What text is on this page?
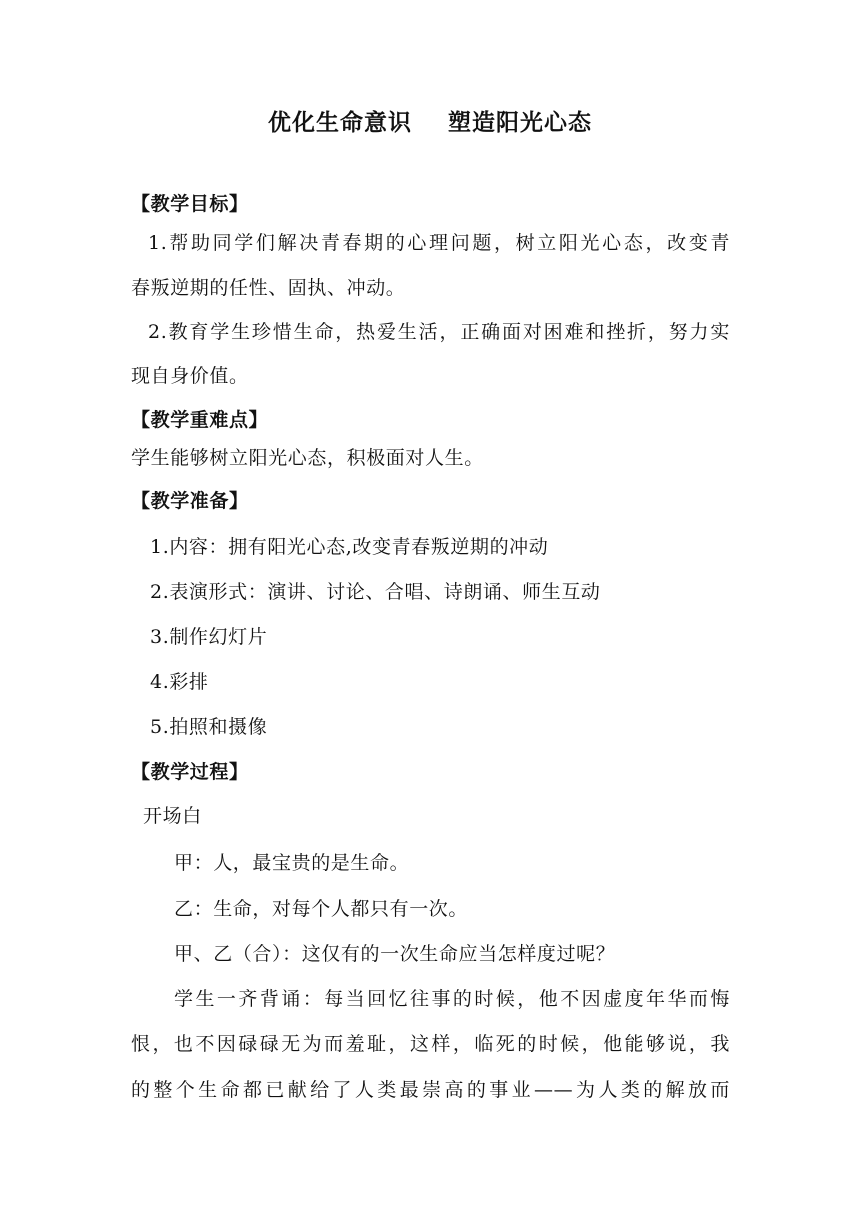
优化生命意识    塑造阳光心态
【教学目标】
1.帮助同学们解决青春期的心理问题，树立阳光心态，改变青
春叛逆期的任性、固执、冲动。
2.教育学生珍惜生命，热爱生活，正确面对困难和挫折，努力实
现自身价值。
【教学重难点】
学生能够树立阳光心态，积极面对人生。
【教学准备】
1.内容：拥有阳光心态,改变青春叛逆期的冲动
2.表演形式：演讲、讨论、合唱、诗朗诵、师生互动
3.制作幻灯片
4.彩排
5.拍照和摄像
【教学过程】
开场白
甲：人，最宝贵的是生命。
乙：生命，对每个人都只有一次。
甲、乙（合）：这仅有的一次生命应当怎样度过呢？
学生一齐背诵：每当回忆往事的时候，他不因虚度年华而悔
恨，也不因碌碌无为而羞耻，这样，临死的时候，他能够说，我
的整个生命都已献给了人类最崇高的事业——为人类的解放而
